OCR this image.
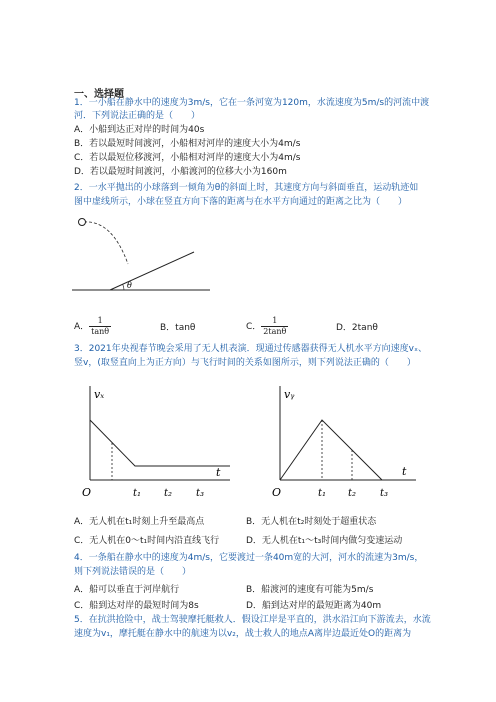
一、选择题
1．一小船在静水中的速度为3m/s，它在一条河宽为120m，水流速度为5m/s的河流中渡
河．下列说法正确的是（　　）
A．小船到达正对岸的时间为40s
B．若以最短时间渡河，小船相对河岸的速度大小为4m/s
C．若以最短位移渡河，小船相对河岸的速度大小为4m/s
D．若以最短时间渡河，小船渡河的位移大小为160m
2．一水平抛出的小球落到一倾角为θ的斜面上时，其速度方向与斜面垂直，运动轨迹如
图中虚线所示，小球在竖直方向下落的距离与在水平方向通过的距离之比为（　　）
θ
A． $\frac{1}{\tan\theta}$	B．tanθ	C． $\frac{1}{2\tan\theta}$	D．2tanθ
3．2021年央视春节晚会采用了无人机表演．现通过传感器获得无人机水平方向速度vₓ、
竖v，(取竖直向上为正方向）与飞行时间的关系如图所示，则下列说法正确的（　　）
vₓ
t
O	t₁ t₂ t₃
vᵧ
t
O	t₁ t₂ t₃
A．无人机在t₁时刻上升至最高点	B．无人机在t₂时刻处于超重状态
C．无人机在0～t₁时间内沿直线飞行	D．无人机在t₁～t₃时间内做匀变速运动
4．一条船在静水中的速度为4m/s，它要渡过一条40m宽的大河，河水的流速为3m/s，
则下列说法错误的是（　　）
A．船可以垂直于河岸航行	B．船渡河的速度有可能为5m/s
C．船到达对岸的最短时间为8s	D．船到达对岸的最短距离为40m
5．在抗洪抢险中，战士驾驶摩托艇救人．假设江岸是平直的，洪水沿江向下游流去，水流
速度为v₁，摩托艇在静水中的航速为以v₂，战士救人的地点A离岸边最近处O的距离为
